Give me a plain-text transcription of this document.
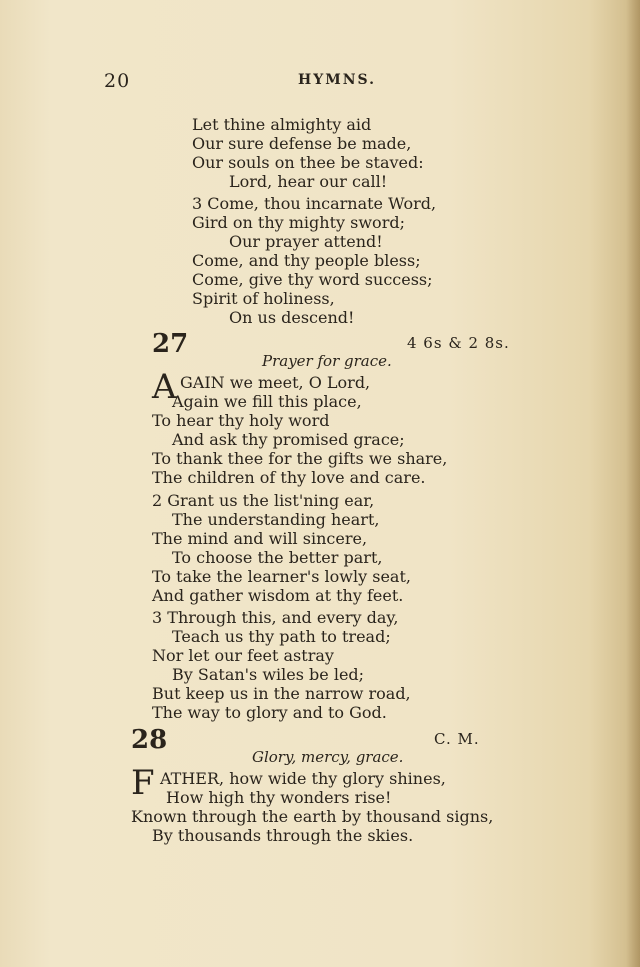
20	HYMNS.
Let thine almighty aid
Our sure defense be made,
Our souls on thee be staved:
Lord, hear our call!
3 Come, thou incarnate Word,
Gird on thy mighty sword;
Our prayer attend!
Come, and thy people bless;
Come, give thy word success;
Spirit of holiness,
On us descend!
27	4 6s & 2 8s.
Prayer for grace.
A GAIN we meet, O Lord,
Again we fill this place,
To hear thy holy word
And ask thy promised grace;
To thank thee for the gifts we share,
The children of thy love and care.
2 Grant us the list'ning ear,
The understanding heart,
The mind and will sincere,
To choose the better part,
To take the learner's lowly seat,
And gather wisdom at thy feet.
3 Through this, and every day,
Teach us thy path to tread;
Nor let our feet astray
By Satan's wiles be led;
But keep us in the narrow road,
The way to glory and to God.
28	C. M.
Glory, mercy, grace.
F ATHER, how wide thy glory shines,
How high thy wonders rise!
Known through the earth by thousand signs,
By thousands through the skies.
